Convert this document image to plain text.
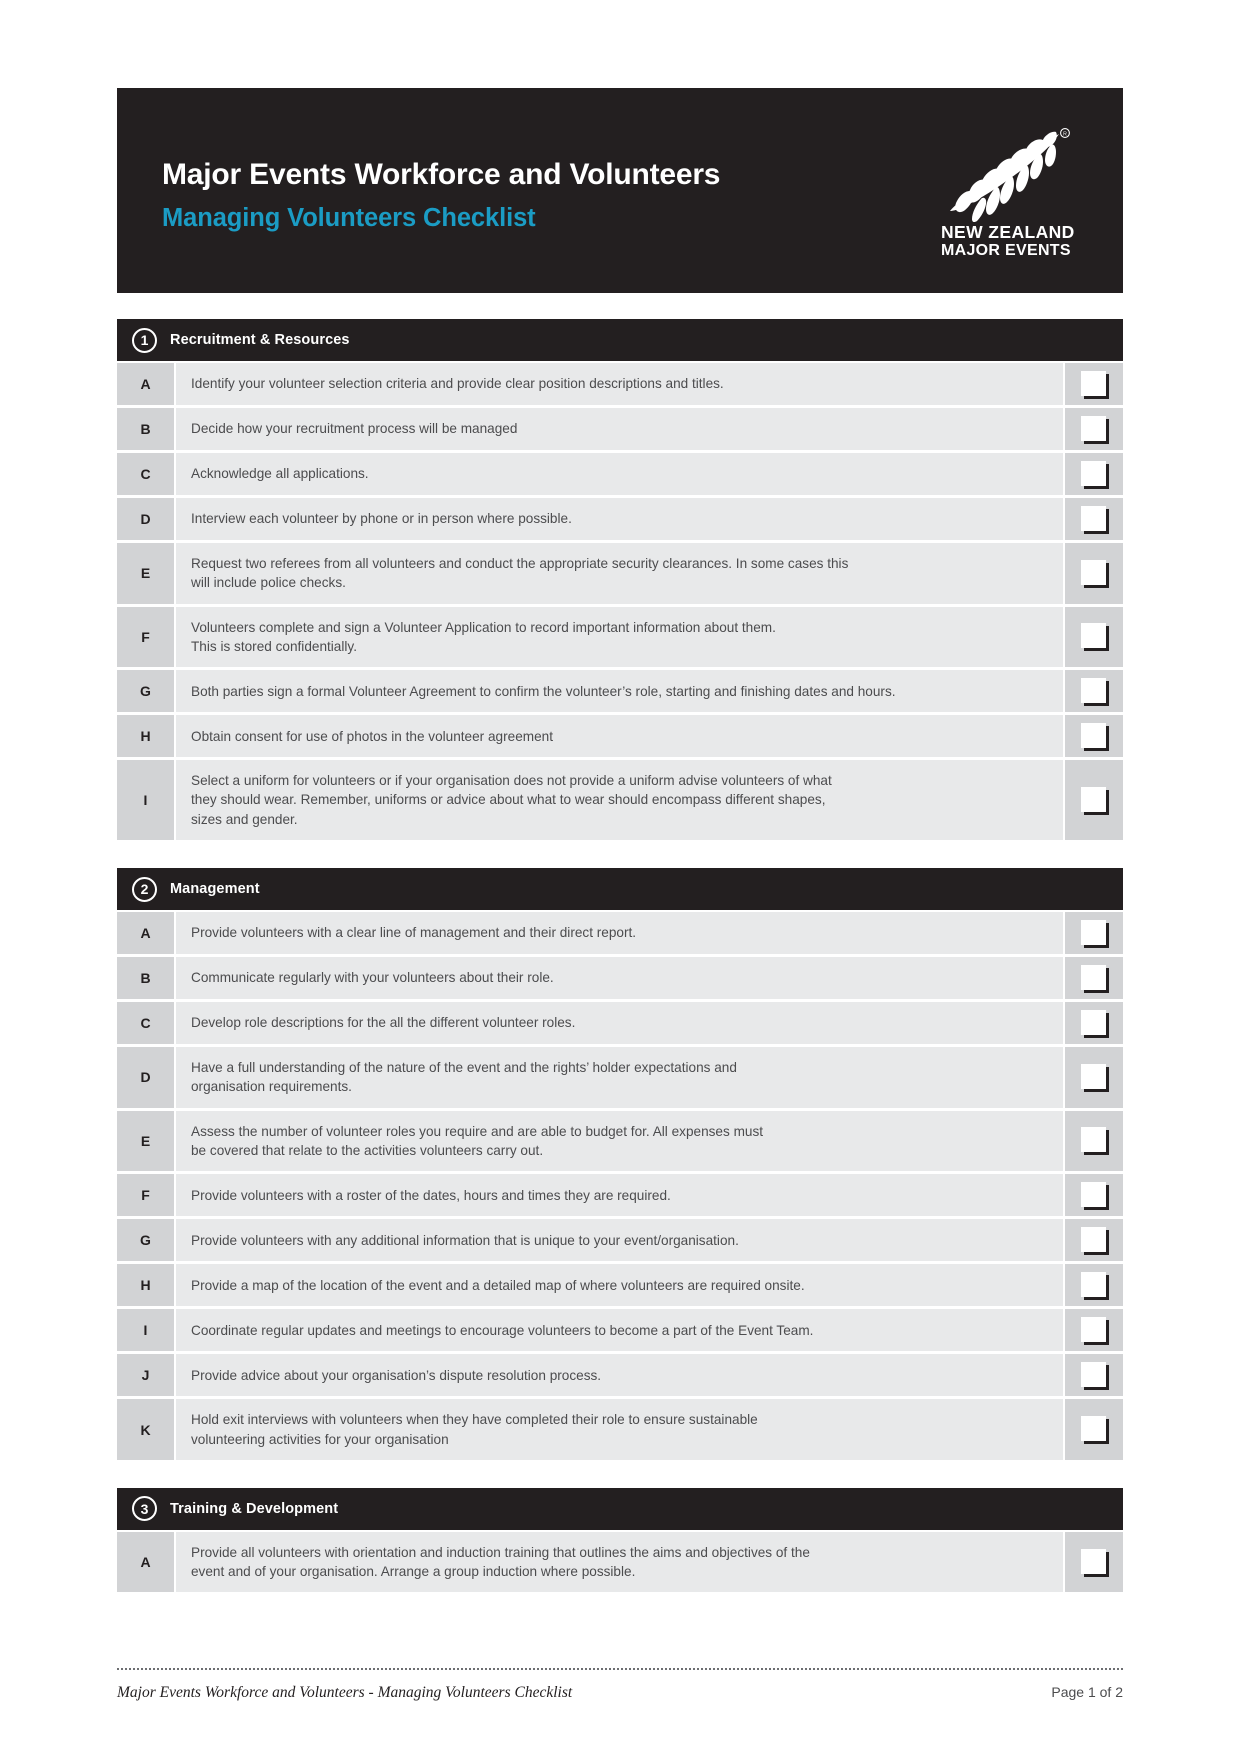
Major Events Workforce and Volunteers
Managing Volunteers Checklist
R
NEW ZEALAND
MAJOR EVENTS
1	Recruitment & Resources
A	Identify your volunteer selection criteria and provide clear position descriptions and titles.
B	Decide how your recruitment process will be managed
C	Acknowledge all applications.
D	Interview each volunteer by phone or in person where possible.
E
Request two referees from all volunteers and conduct the appropriate security clearances. In some cases this
will include police checks.
F
Volunteers complete and sign a Volunteer Application to record important information about them.
This is stored confidentially.
G	Both parties sign a formal Volunteer Agreement to confirm the volunteer’s role, starting and finishing dates and hours.
H	Obtain consent for use of photos in the volunteer agreement
I
Select a uniform for volunteers or if your organisation does not provide a uniform advise volunteers of what
they should wear. Remember, uniforms or advice about what to wear should encompass different shapes,
sizes and gender.
2	Management
A	Provide volunteers with a clear line of management and their direct report.
B	Communicate regularly with your volunteers about their role.
C	Develop role descriptions for the all the different volunteer roles.
D
Have a full understanding of the nature of the event and the rights’ holder expectations and
organisation requirements.
E
Assess the number of volunteer roles you require and are able to budget for. All expenses must
be covered that relate to the activities volunteers carry out.
F	Provide volunteers with a roster of the dates, hours and times they are required.
G	Provide volunteers with any additional information that is unique to your event/organisation.
H	Provide a map of the location of the event and a detailed map of where volunteers are required onsite.
I	Coordinate regular updates and meetings to encourage volunteers to become a part of the Event Team.
J	Provide advice about your organisation’s dispute resolution process.
K
Hold exit interviews with volunteers when they have completed their role to ensure sustainable
volunteering activities for your organisation
3	Training & Development
A
Provide all volunteers with orientation and induction training that outlines the aims and objectives of the
event and of your organisation. Arrange a group induction where possible.
Major Events Workforce and Volunteers - Managing Volunteers Checklist	Page 1 of 2
